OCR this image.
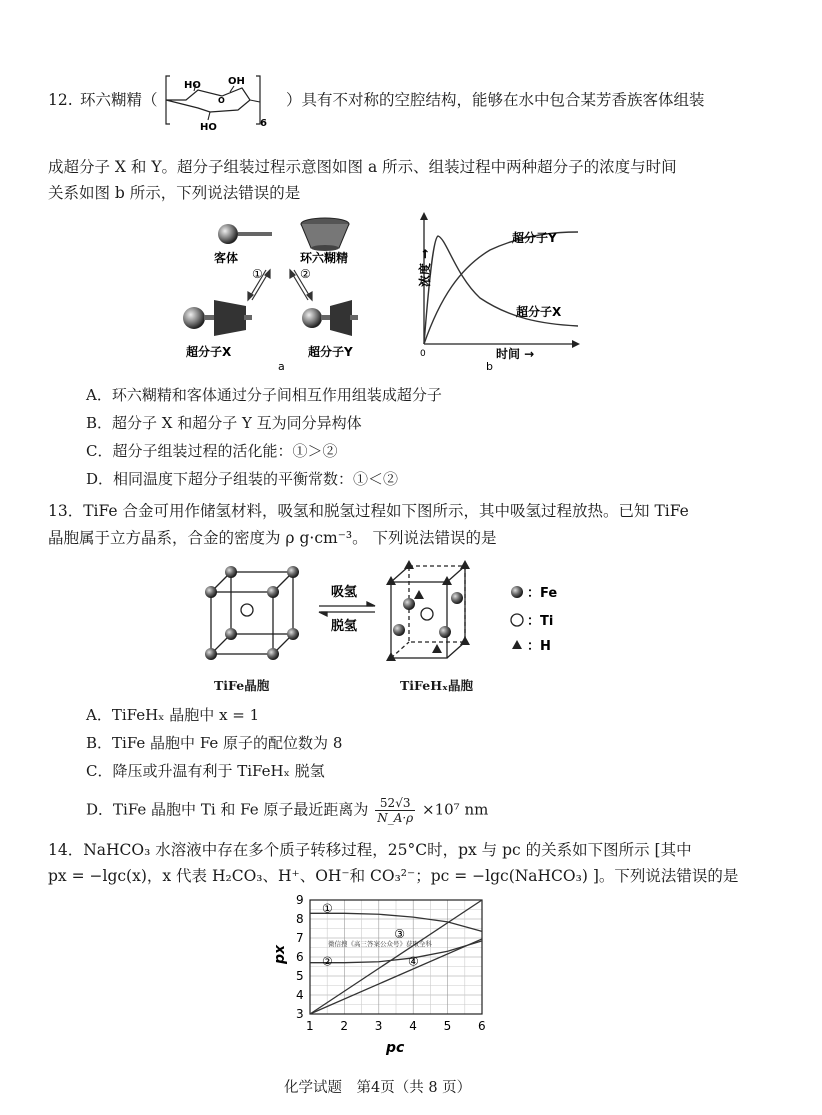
12. 环六糊精（
HO	OH
HO	6
O	）具有不对称的空腔结构，能够在水中包合某芳香族客体组装
成超分子 X 和 Y。超分子组装过程示意图如图 a 所示、组装过程中两种超分子的浓度与时间
关系如图 b 所示，下列说法错误的是
客体	环六糊精
①	②
超分子X	超分子Y
a
浓度 →
时间 →
0
超分子Y
超分子X
b
A．环六糊精和客体通过分子间相互作用组装成超分子
B．超分子 X 和超分子 Y 互为同分异构体
C．超分子组装过程的活化能：①＞②
D．相同温度下超分子组装的平衡常数：①＜②
13．TiFe 合金可用作储氢材料，吸氢和脱氢过程如下图所示，其中吸氢过程放热。已知 TiFe
晶胞属于立方晶系，合金的密度为 ρ g·cm⁻³。 下列说法错误的是
吸氢
脱氢
：Fe
：Ti
：H
TiFe晶胞	TiFeHₓ晶胞
A．TiFeHₓ 晶胞中 x = 1
B．TiFe 晶胞中 Fe 原子的配位数为 8
C．降压或升温有利于 TiFeHₓ 脱氢
D．TiFe 晶胞中 Ti 和 Fe 原子最近距离为 $\frac{52√3}{N\_A\cdot\rho} \times 10^7$ nm
14．NaHCO₃ 水溶液中存在多个质子转移过程，25°C时，px 与 pc 的关系如下图所示 [其中
px = −lgc(x)，x 代表 H₂CO₃、H⁺、OH⁻和 CO₃²⁻；pc = −lgc(NaHCO₃) ]。下列说法错误的是
3
4
5
6
7
8
9
1 2 3 4 5 6
①
②
③
④
微信搜《高三答案公众号》获取全科
px
pc
化学试题　第4页（共 8 页）
